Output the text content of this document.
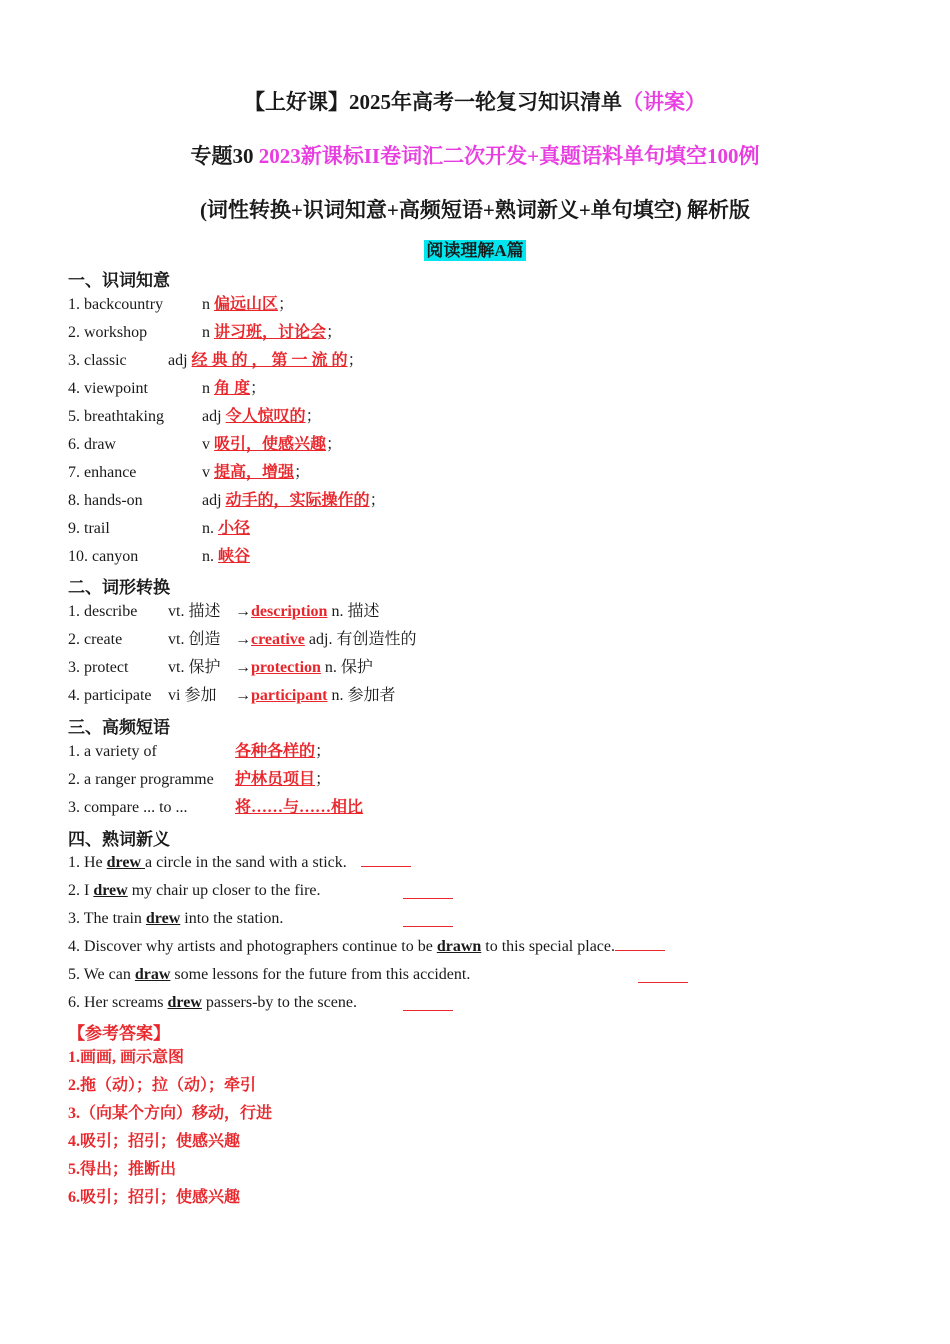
【上好课】2025年高考一轮复习知识清单（讲案）
专题30 2023新课标II卷词汇二次开发+真题语料单句填空100例
(词性转换+识词知意+高频短语+熟词新义+单句填空) 解析版
阅读理解A篇
一、识词知意
1. backcountry n 偏远山区；
2. workshop	n 讲习班，讨论会；
3. classic	adj 经 典 的 ， 第 一 流 的；
4. viewpoint	n 角 度；
5. breathtaking adj 令人惊叹的；
6. draw	v 吸引，使感兴趣；
7. enhance	v 提高，增强；
8. hands-on	adj 动手的，实际操作的；
9. trail	n. 小径
10. canyon	n. 峡谷
二、词形转换
1. describe vt. 描述 →description n. 描述
2. create	vt. 创造 →creative adj. 有创造性的
3. protect vt. 保护 →protection n. 保护
4. participate vi 参加 →participant n. 参加者
三、高频短语
1. a variety of	各种各样的；
2. a ranger programme 护林员项目；
3. compare ... to ...	将……与……相比
四、熟词新义
1. He drew a circle in the sand with a stick.
2. I drew my chair up closer to the fire.
3. The train drew into the station.
4. Discover why artists and photographers continue to be drawn to this special place.
5. We can draw some lessons for the future from this accident.
6. Her screams drew passers-by to the scene.
【参考答案】
1.画画, 画示意图
2.拖（动）；拉（动）；牵引
3.（向某个方向）移动，行进
4.吸引；招引；使感兴趣
5.得出；推断出
6.吸引；招引；使感兴趣
